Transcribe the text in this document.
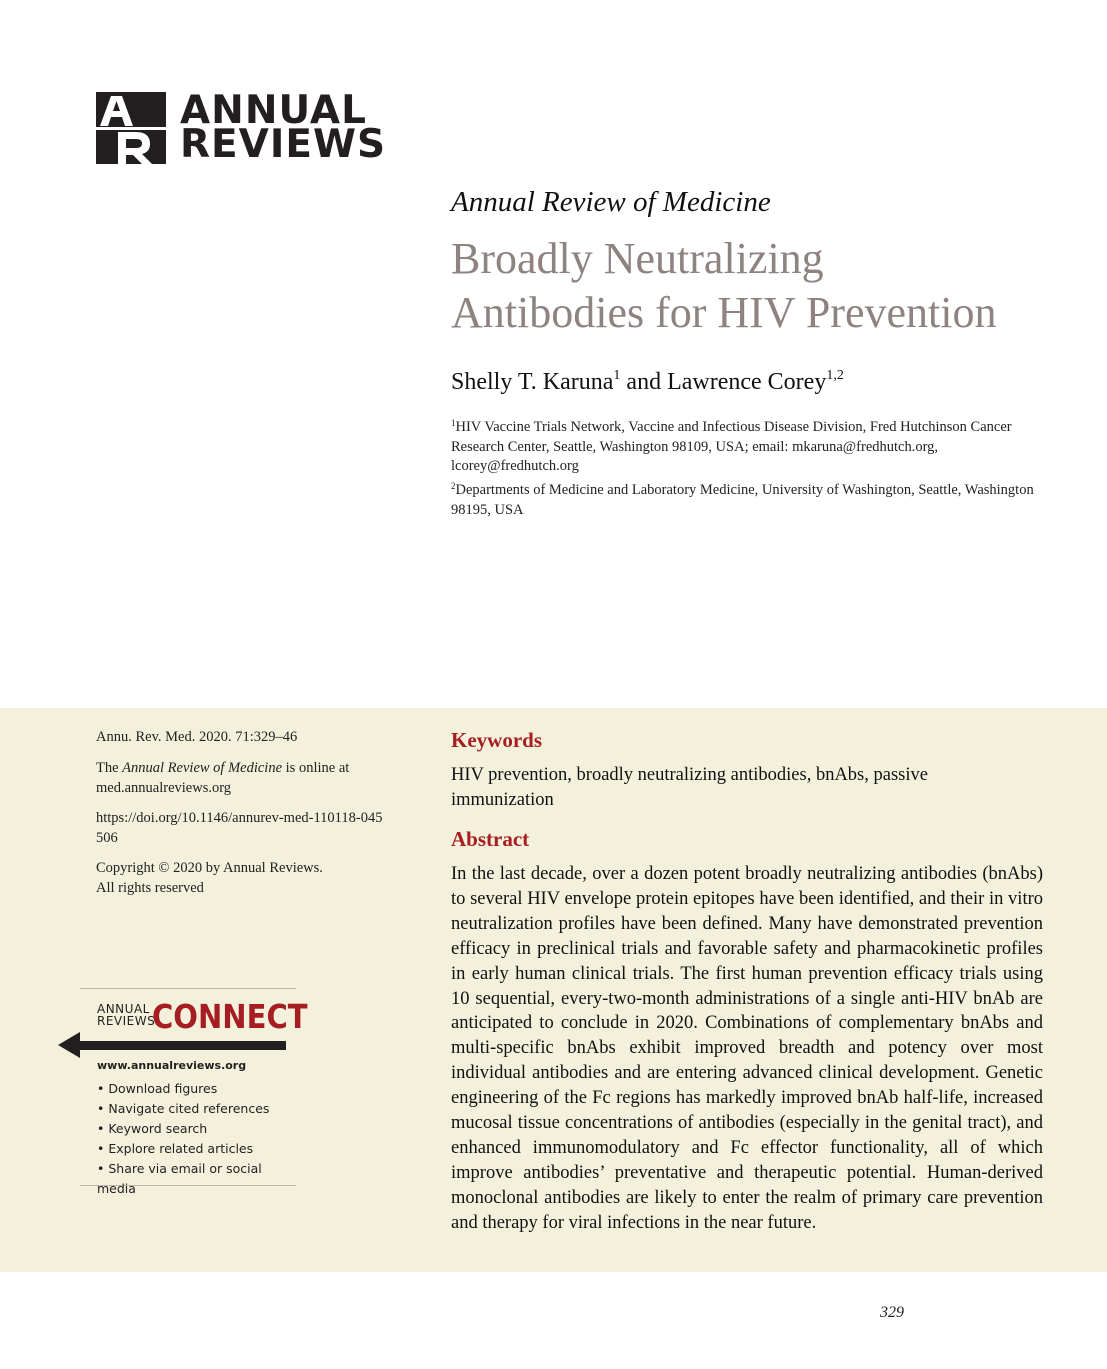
ANNUAL
REVIEWS
Annual Review of Medicine
Broadly Neutralizing
Antibodies for HIV Prevention
Shelly T. Karuna$^1$ and Lawrence Corey$^{1,2}$
$^1$HIV Vaccine Trials Network, Vaccine and Infectious Disease Division, Fred Hutchinson Cancer Research Center, Seattle, Washington 98109, USA; email: mkaruna@fredhutch.org, lcorey@fredhutch.org
$^2$Departments of Medicine and Laboratory Medicine, University of Washington, Seattle, Washington 98195, USA
Annu. Rev. Med. 2020. 71:329–46
The Annual Review of Medicine is online at med.annualreviews.org
https://doi.org/10.1146/annurev-med-110118-045506
Copyright © 2020 by Annual Reviews.
All rights reserved
ANNUAL
REVIEWS
CONNECT
www.annualreviews.org
• Download figures
• Navigate cited references
• Keyword search
• Explore related articles
• Share via email or social media
Keywords
HIV prevention, broadly neutralizing antibodies, bnAbs, passive immunization
Abstract
In the last decade, over a dozen potent broadly neutralizing antibodies (bnAbs) to several HIV envelope protein epitopes have been identified, and their in vitro neutralization profiles have been defined. Many have demonstrated prevention efficacy in preclinical trials and favorable safety and pharmacokinetic profiles in early human clinical trials. The first human prevention efficacy trials using 10 sequential, every-two-month administrations of a single anti-HIV bnAb are anticipated to conclude in 2020. Combinations of complementary bnAbs and multi-specific bnAbs exhibit improved breadth and potency over most individual antibodies and are entering advanced clinical development. Genetic engineering of the Fc regions has markedly improved bnAb half-life, increased mucosal tissue concentrations of antibodies (especially in the genital tract), and enhanced immunomodulatory and Fc effector functionality, all of which improve antibodies’ preventative and therapeutic potential. Human-derived monoclonal antibodies are likely to enter the realm of primary care prevention and therapy for viral infections in the near future.
329
